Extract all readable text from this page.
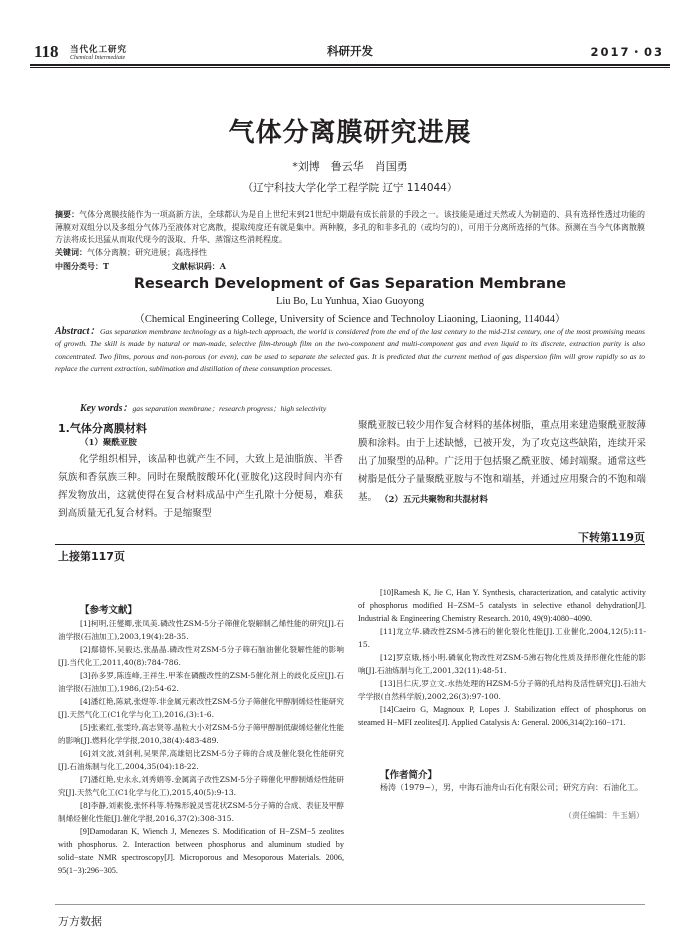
118 当代化工研究
Chemical Intermediate	科研开发	2017・03
气体分离膜研究进展
*刘博　鲁云华　肖国勇
（辽宁科技大学化学工程学院 辽宁 114044）
摘要：气体分离膜技能作为一项高新方法，全球都认为是自上世纪末到21世纪中期最有成长前景的手段之一。该技能是通过天然或人为制造的、具有选择性透过功能的薄膜对双组分以及多组分气体乃至液体对它离散，提取纯度还有就是集中。两种膜，多孔的和非多孔的（或均匀的），可用于分离所选择的气体。预测在当今气体离散膜方法将成长迅猛从而取代现今的汲取、升华、蒸馏这些消耗程度。
关键词：气体分离膜；研究进展；高选择性
中图分类号：T	文献标识码：A
Research Development of Gas Separation Membrane
Liu Bo, Lu Yunhua, Xiao Guoyong
（Chemical Engineering College, University of Science and Technoloy Liaoning, Liaoning, 114044）
Abstract：Gas separation membrane technology as a high-tech approach, the world is considered from the end of the last century to the mid-21st century, one of the most promising means of growth. The skill is made by natural or man-made, selective film-through film on the two-component and multi-component gas and even liquid to its discrete, extraction purity is also concentrated. Two films, porous and non-porous (or even), can be used to separate the selected gas. It is predicted that the current method of gas dispersion film will grow rapidly so as to replace the current extraction, sublimation and distillation of these consumption processes.
Key words：gas separation membrane；research progress；high selectivity
1.气体分离膜材料
（1）聚酰亚胺
化学组织相异，该品种也就产生不同，大致上是油脂族、半香氛族和香氛族三种。同时在聚酰胺酸环化(亚胺化)这段时间内亦有挥发物放出，这就使得在复合材料成品中产生孔隙十分便易，难获到高质量无孔复合材料。于是缩聚型
聚酰亚胺已较少用作复合材料的基体树脂，重点用来建造聚酰亚胺薄膜和涂料。由于上述缺憾，已被开发，为了攻克这些缺陷，连续开采出了加聚型的品种。广泛用于包括聚乙酰亚胺、烯封端聚。通常这些树脂是低分子量聚酰亚胺与不饱和端基，并通过应用聚合的不饱和端基。 （2）五元共聚物和共混材料
下转第119页
上接第117页
【参考文献】

[1]柯明,汪燮卿,张凤美.磷改性ZSM-5分子筛催化裂解制乙烯性能的研究[J].石油学报(石油加工),2003,19(4):28-35.

[2]鄢德怀,吴毅达,张晶晶.磷改性对ZSM-5分子筛石脑油催化裂解性能的影响[J].当代化工,2011,40(8):784-786.

[3]孙多罗,陈连峰,王祥生.甲苯在磷酸改性的ZSM-5催化剂上的歧化反应[J].石油学报(石油加工),1986,(2):54-62.

[4]潘红艳,陈斌,张煜等.非金属元素改性ZSM-5分子筛催化甲醇制烯烃性能研究[J].天然气化工(C1化学与化工),2016,(3):1-6.

[5]张素红,张雯玲,高志贤等.晶粒大小对ZSM-5分子筛甲醇制低碳烯烃催化性能的影响[J].燃料化学学报,2010,38(4):483-489.

[6]刘文波,刘剑利,吴果萍,高雄铝比ZSM-5分子筛的合成及催化裂化性能研究[J].石油炼制与化工,2004,35(04):18-22.

[7]潘红艳,史永永,刘秀娟等.金属离子改性ZSM-5分子筛催化甲醇制烯烃性能研究[J].天然气化工(C1化学与化工),2015,40(5):9-13.

[8]李静,刘素俊,张怀科等.特殊形貌灵雪花状ZSM-5分子筛的合成、表征及甲醇制烯烃催化性能[J].催化学报,2016,37(2):308-315.

[9]Damodaran K, Wiench J, Menezes S. Modification of H−ZSM−5 zeolites with phosphorus. 2. Interaction between phosphorus and aluminum studied by solid−state NMR spectroscopy[J]. Microporous and Mesoporous Materials. 2006, 95(1−3):296−305.

[10]Ramesh K, Jie C, Han Y. Synthesis, characterization, and catalytic activity of phosphorus modified H−ZSM−5 catalysts in selective ethanol dehydration[J]. Industrial & Engineering Chemistry Research. 2010, 49(9):4080−4090.

[11]龙立华.磷改性ZSM-5沸石的催化裂化性能[J].工业催化,2004,12(5):11-15.

[12]罗京娥,杨小明.磷氧化物改性对ZSM-5沸石物化性质及择形催化性能的影响[J].石油炼制与化工,2001,32(11):48-51.

[13]吕仁庆,罗立文.水热处理的HZSM-5分子筛的孔结构及活性研究[J].石油大学学报(自然科学版),2002,26(3):97-100.

[14]Caeiro G, Magnoux P, Lopes J. Stabilization effect of phosphorus on steamed H−MFI zeolites[J]. Applied Catalysis A: General. 2006,314(2):160−171.

【作者简介】
杨涛（1979~），男，中海石油舟山石化有限公司；研究方向：石油化工。
（责任编辑：牛玉娟）
万方数据
